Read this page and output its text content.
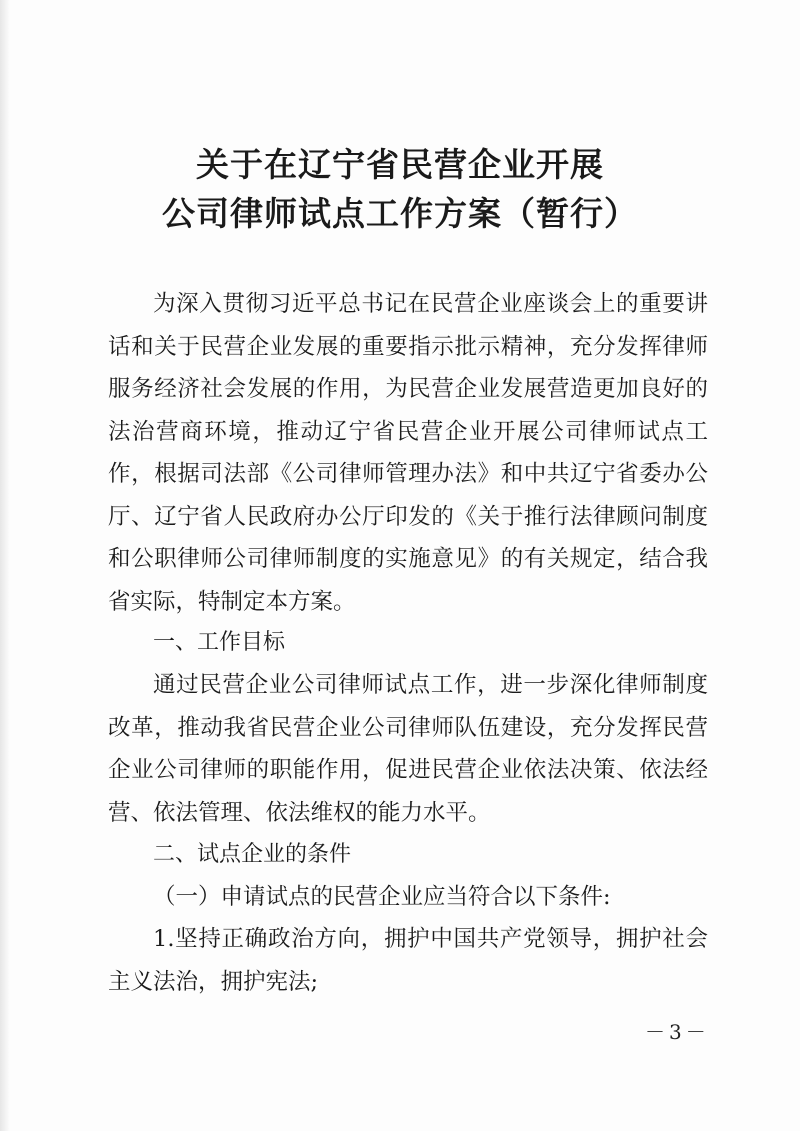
关于在辽宁省民营企业开展
公司律师试点工作方案（暂行）
为深入贯彻习近平总书记在民营企业座谈会上的重要讲话和关于民营企业发展的重要指示批示精神，充分发挥律师服务经济社会发展的作用，为民营企业发展营造更加良好的法治营商环境，推动辽宁省民营企业开展公司律师试点工作，根据司法部《公司律师管理办法》和中共辽宁省委办公厅、辽宁省人民政府办公厅印发的《关于推行法律顾问制度和公职律师公司律师制度的实施意见》的有关规定，结合我省实际，特制定本方案。
一、工作目标
通过民营企业公司律师试点工作，进一步深化律师制度改革，推动我省民营企业公司律师队伍建设，充分发挥民营企业公司律师的职能作用，促进民营企业依法决策、依法经营、依法管理、依法维权的能力水平。
二、试点企业的条件
（一）申请试点的民营企业应当符合以下条件:
1.坚持正确政治方向，拥护中国共产党领导，拥护社会主义法治，拥护宪法;
－3－
